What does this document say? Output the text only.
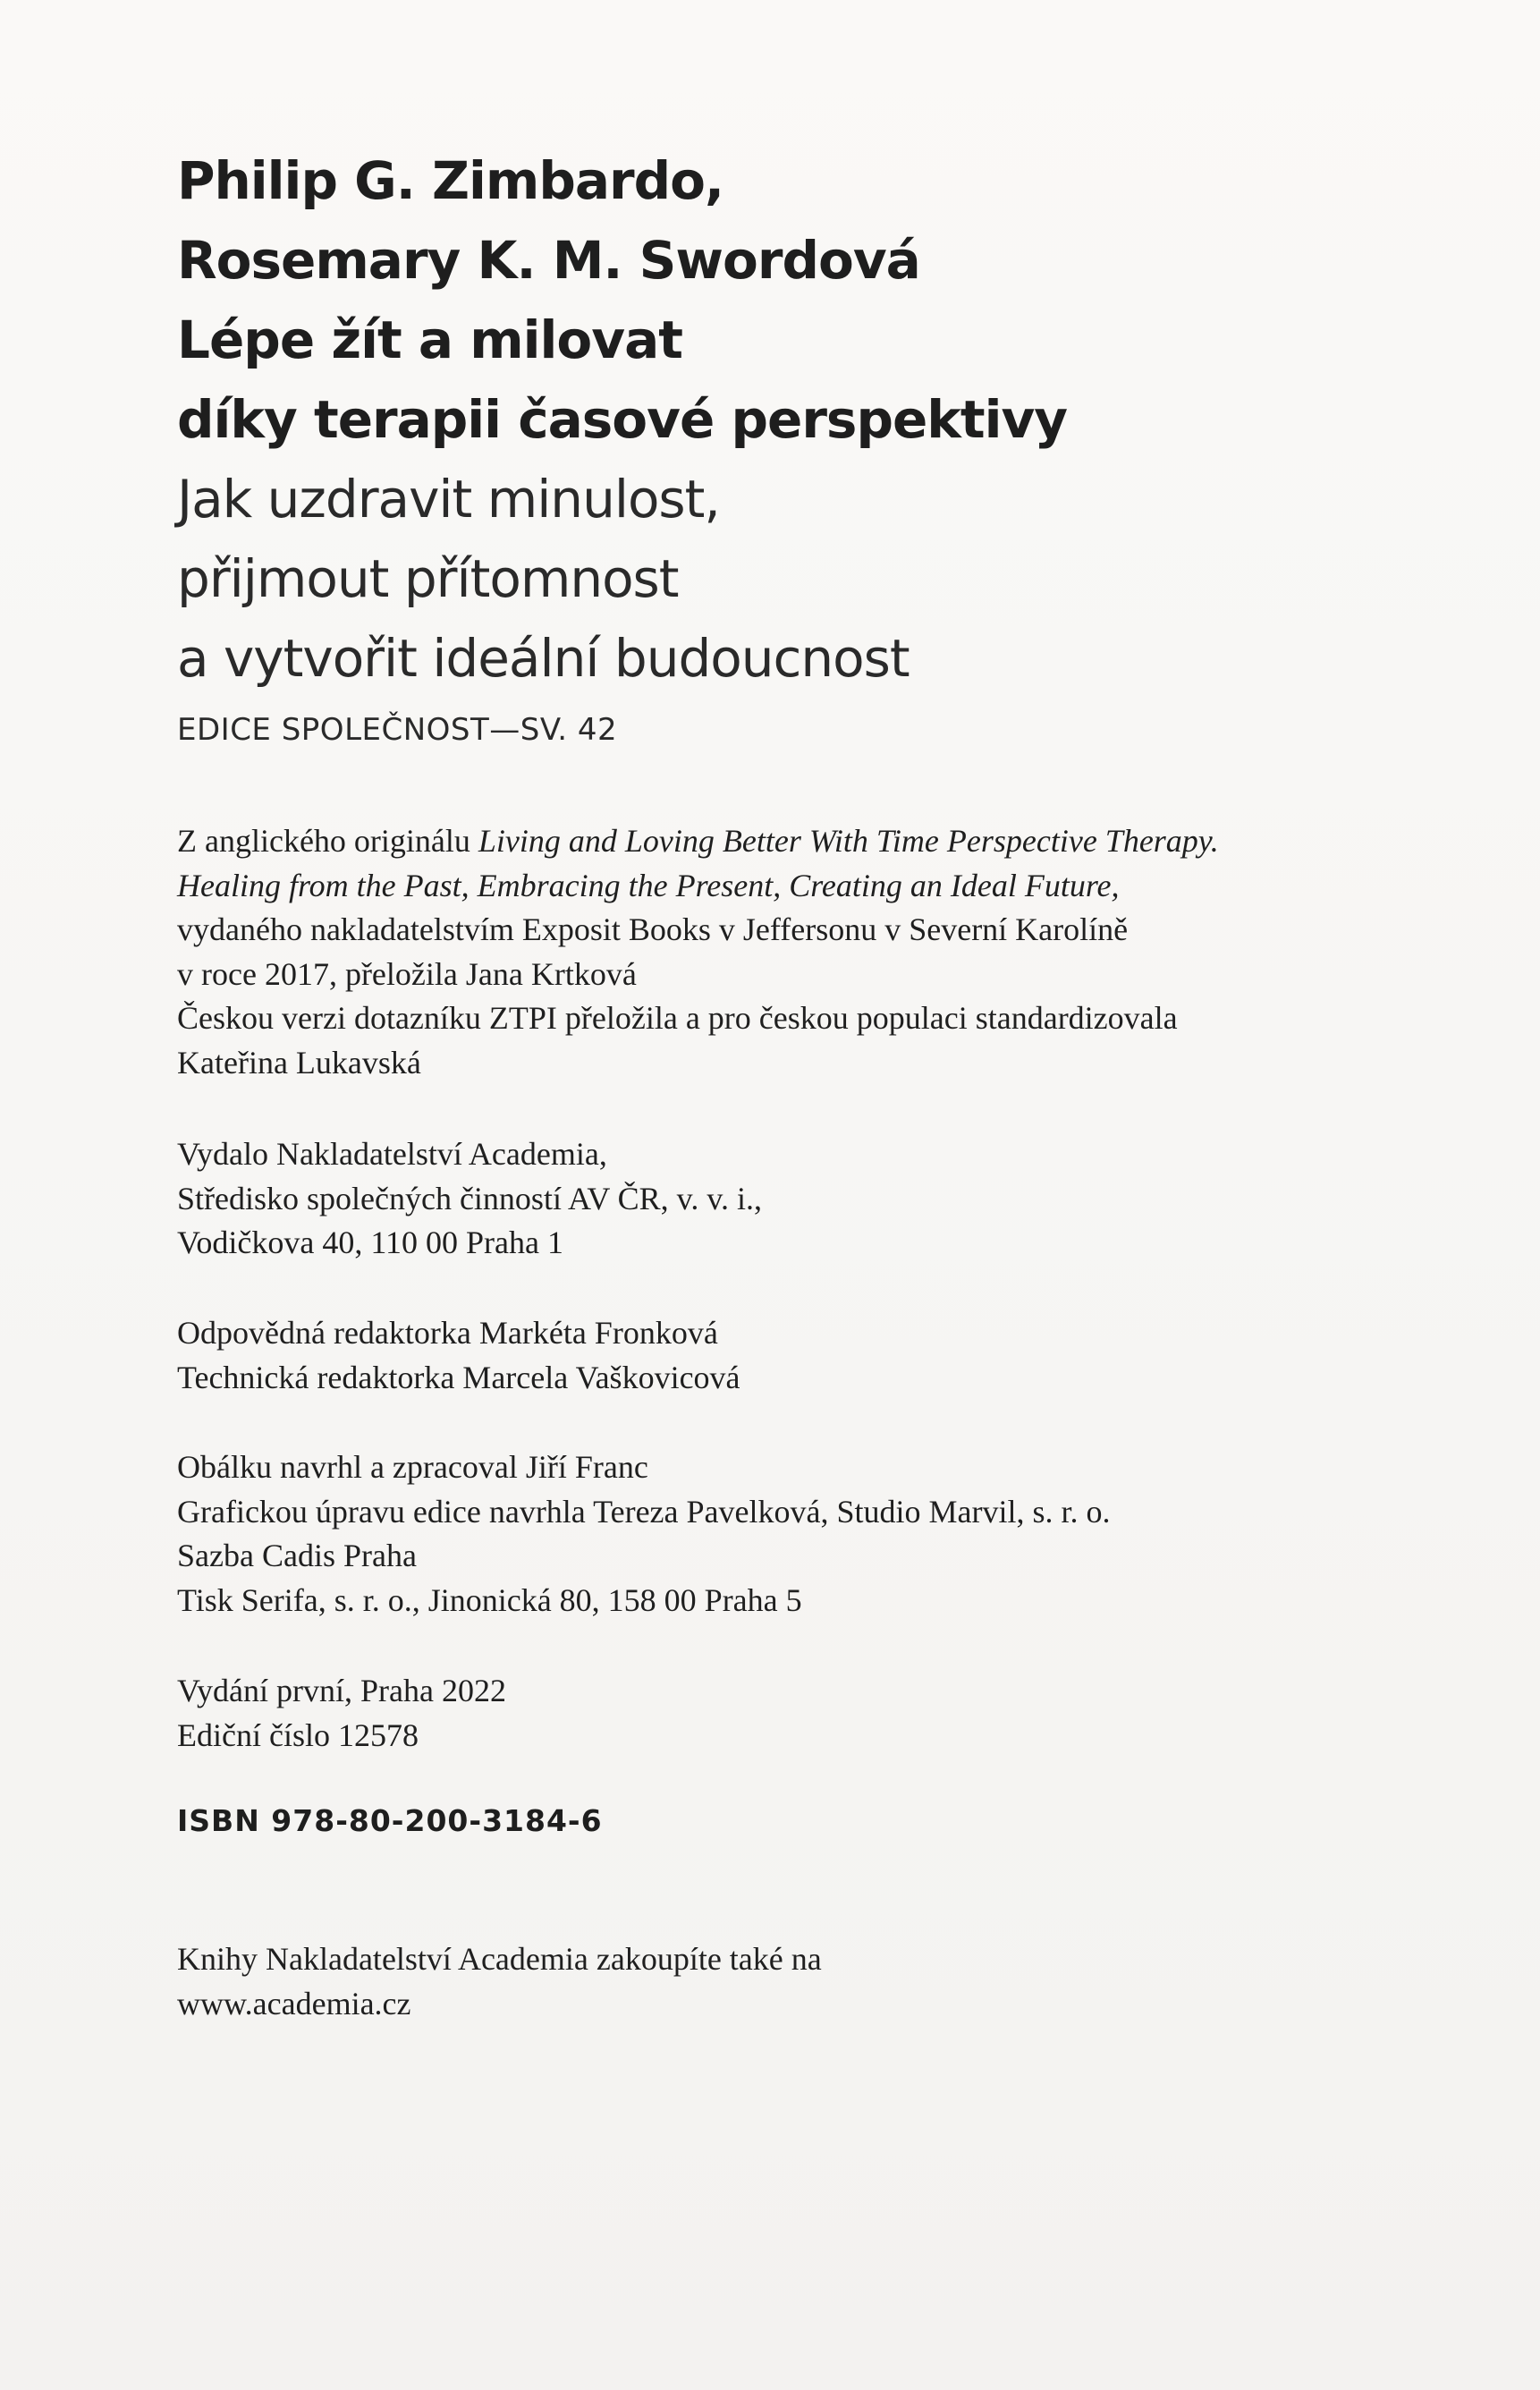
Philip G. Zimbardo,
Rosemary K. M. Swordová
Lépe žít a milovat
díky terapii časové perspektivy
Jak uzdravit minulost,
přijmout přítomnost
a vytvořit ideální budoucnost
EDICE SPOLEČNOST—SV. 42
Z anglického originálu Living and Loving Better With Time Perspective Therapy.
Healing from the Past, Embracing the Present, Creating an Ideal Future,
vydaného nakladatelstvím Exposit Books v Jeffersonu v Severní Karolíně
v roce 2017, přeložila Jana Krtková
Českou verzi dotazníku ZTPI přeložila a pro českou populaci standardizovala
Kateřina Lukavská
Vydalo Nakladatelství Academia,
Středisko společných činností AV ČR, v. v. i.,
Vodičkova 40, 110 00 Praha 1
Odpovědná redaktorka Markéta Fronková
Technická redaktorka Marcela Vaškovicová
Obálku navrhl a zpracoval Jiří Franc
Grafickou úpravu edice navrhla Tereza Pavelková, Studio Marvil, s. r. o.
Sazba Cadis Praha
Tisk Serifa, s. r. o., Jinonická 80, 158 00 Praha 5
Vydání první, Praha 2022
Ediční číslo 12578
ISBN 978-80-200-3184-6
Knihy Nakladatelství Academia zakoupíte také na
www.academia.cz
